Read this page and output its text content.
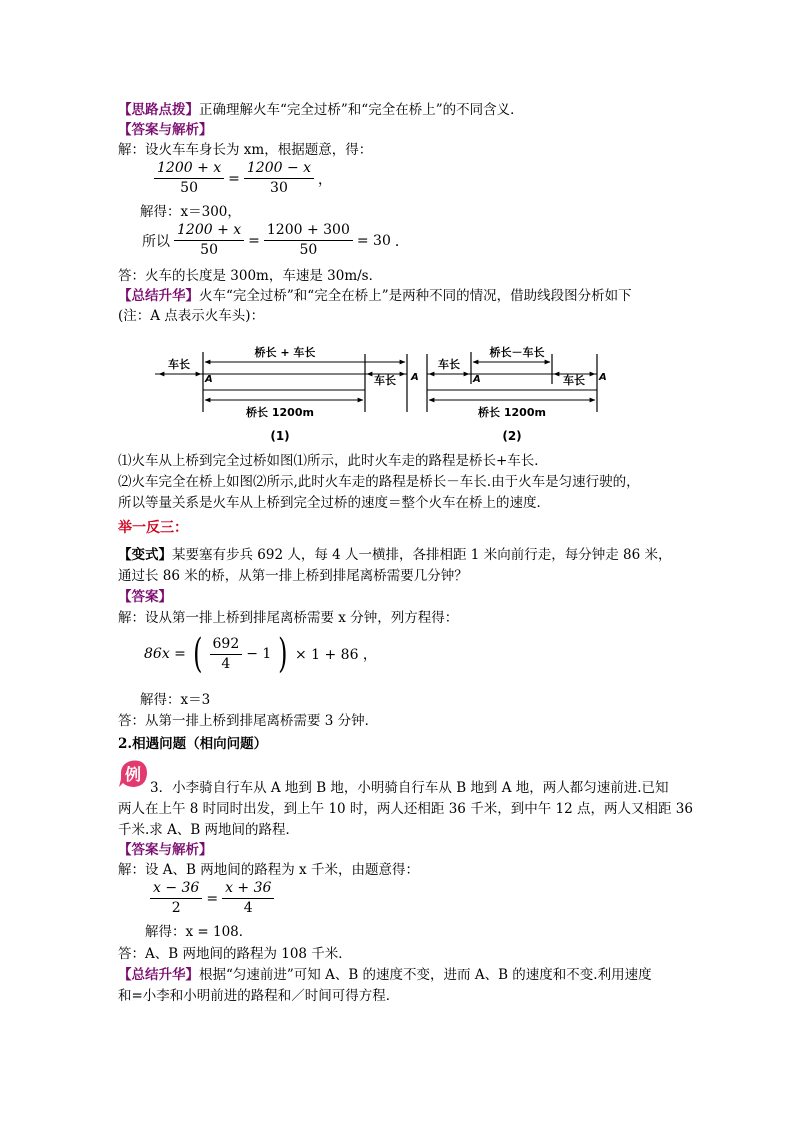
【思路点拨】正确理解火车“完全过桥”和“完全在桥上”的不同含义．
【答案与解析】
解：设火车车身长为 xm，根据题意，得：
$\frac{1200 + x}{50} = \frac{1200 - x}{30}$ ，
解得：x＝300，
所以 $\frac{1200 + x}{50} = \frac{1200 + 300}{50} = 30$ ．
答：火车的长度是 300m，车速是 30m/s．
【总结升华】火车“完全过桥”和“完全在桥上”是两种不同的情况，借助线段图分析如下
(注：A 点表示火车头)：
桥长 + 车长
车长
车长
桥长 1200m
A	A
(1)
桥长－车长
车长
车长
桥长 1200m
A	A
(2)
⑴火车从上桥到完全过桥如图⑴所示，此时火车走的路程是桥长+车长．
⑵火车完全在桥上如图⑵所示,此时火车走的路程是桥长－车长.由于火车是匀速行驶的，
所以等量关系是火车从上桥到完全过桥的速度＝整个火车在桥上的速度．
举一反三：
【变式】某要塞有步兵 692 人，每 4 人一横排，各排相距 1 米向前行走，每分钟走 86 米，
通过长 86 米的桥，从第一排上桥到排尾离桥需要几分钟？
【答案】
解：设从第一排上桥到排尾离桥需要 x 分钟，列方程得：
86x = ( $\frac{692}{4} - 1$ ) × 1 + 86 ，
解得：x＝3
答：从第一排上桥到排尾离桥需要 3 分钟．
2.相遇问题（相向问题）
例
3．小李骑自行车从 A 地到 B 地，小明骑自行车从 B 地到 A 地，两人都匀速前进.已知
两人在上午 8 时同时出发，到上午 10 时，两人还相距 36 千米，到中午 12 点，两人又相距 36
千米.求 A、B 两地间的路程．
【答案与解析】
解：设 A、B 两地间的路程为 x 千米，由题意得：
$\frac{x - 36}{2} = \frac{x + 36}{4}$
解得：x = 108．
答：A、B 两地间的路程为 108 千米．
【总结升华】根据“匀速前进”可知 A、B 的速度不变，进而 A、B 的速度和不变.利用速度
和=小李和小明前进的路程和／时间可得方程．
